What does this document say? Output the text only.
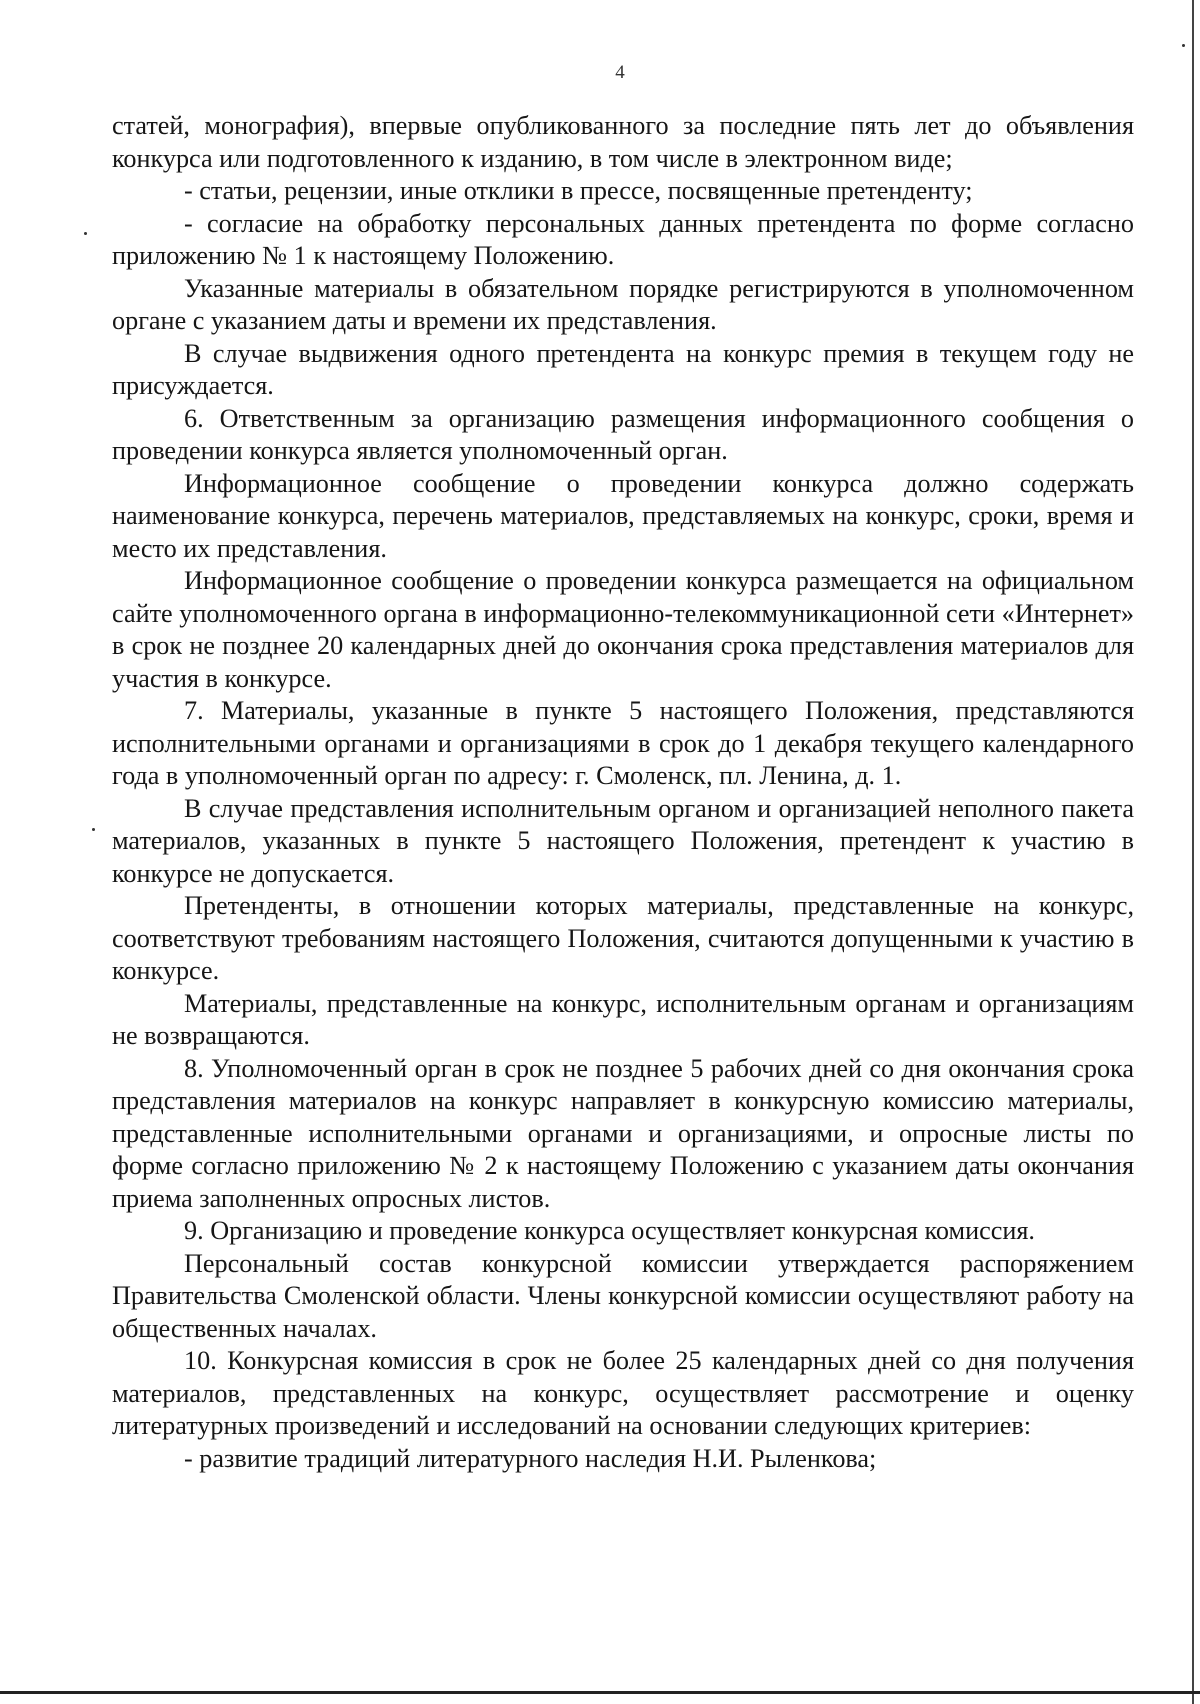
4

статей, монография), впервые опубликованного за последние пять лет до объявления конкурса или подготовленного к изданию, в том числе в электронном виде;

- статьи, рецензии, иные отклики в прессе, посвященные претенденту;

- согласие на обработку персональных данных претендента по форме согласно приложению № 1 к настоящему Положению.

Указанные материалы в обязательном порядке регистрируются в уполномоченном органе с указанием даты и времени их представления.

В случае выдвижения одного претендента на конкурс премия в текущем году не присуждается.

6. Ответственным за организацию размещения информационного сообщения о проведении конкурса является уполномоченный орган.

Информационное сообщение о проведении конкурса должно содержать наименование конкурса, перечень материалов, представляемых на конкурс, сроки, время и место их представления.

Информационное сообщение о проведении конкурса размещается на официальном сайте уполномоченного органа в информационно-телекоммуникационной сети «Интернет» в срок не позднее 20 календарных дней до окончания срока представления материалов для участия в конкурсе.

7. Материалы, указанные в пункте 5 настоящего Положения, представляются исполнительными органами и организациями в срок до 1 декабря текущего календарного года в уполномоченный орган по адресу: г. Смоленск, пл. Ленина, д. 1.

В случае представления исполнительным органом и организацией неполного пакета материалов, указанных в пункте 5 настоящего Положения, претендент к участию в конкурсе не допускается.

Претенденты, в отношении которых материалы, представленные на конкурс, соответствуют требованиям настоящего Положения, считаются допущенными к участию в конкурсе.

Материалы, представленные на конкурс, исполнительным органам и организациям не возвращаются.

8. Уполномоченный орган в срок не позднее 5 рабочих дней со дня окончания срока представления материалов на конкурс направляет в конкурсную комиссию материалы, представленные исполнительными органами и организациями, и опросные листы по форме согласно приложению № 2 к настоящему Положению с указанием даты окончания приема заполненных опросных листов.

9. Организацию и проведение конкурса осуществляет конкурсная комиссия.

Персональный состав конкурсной комиссии утверждается распоряжением Правительства Смоленской области. Члены конкурсной комиссии осуществляют работу на общественных началах.

10. Конкурсная комиссия в срок не более 25 календарных дней со дня получения материалов, представленных на конкурс, осуществляет рассмотрение и оценку литературных произведений и исследований на основании следующих критериев:

- развитие традиций литературного наследия Н.И. Рыленкова;
